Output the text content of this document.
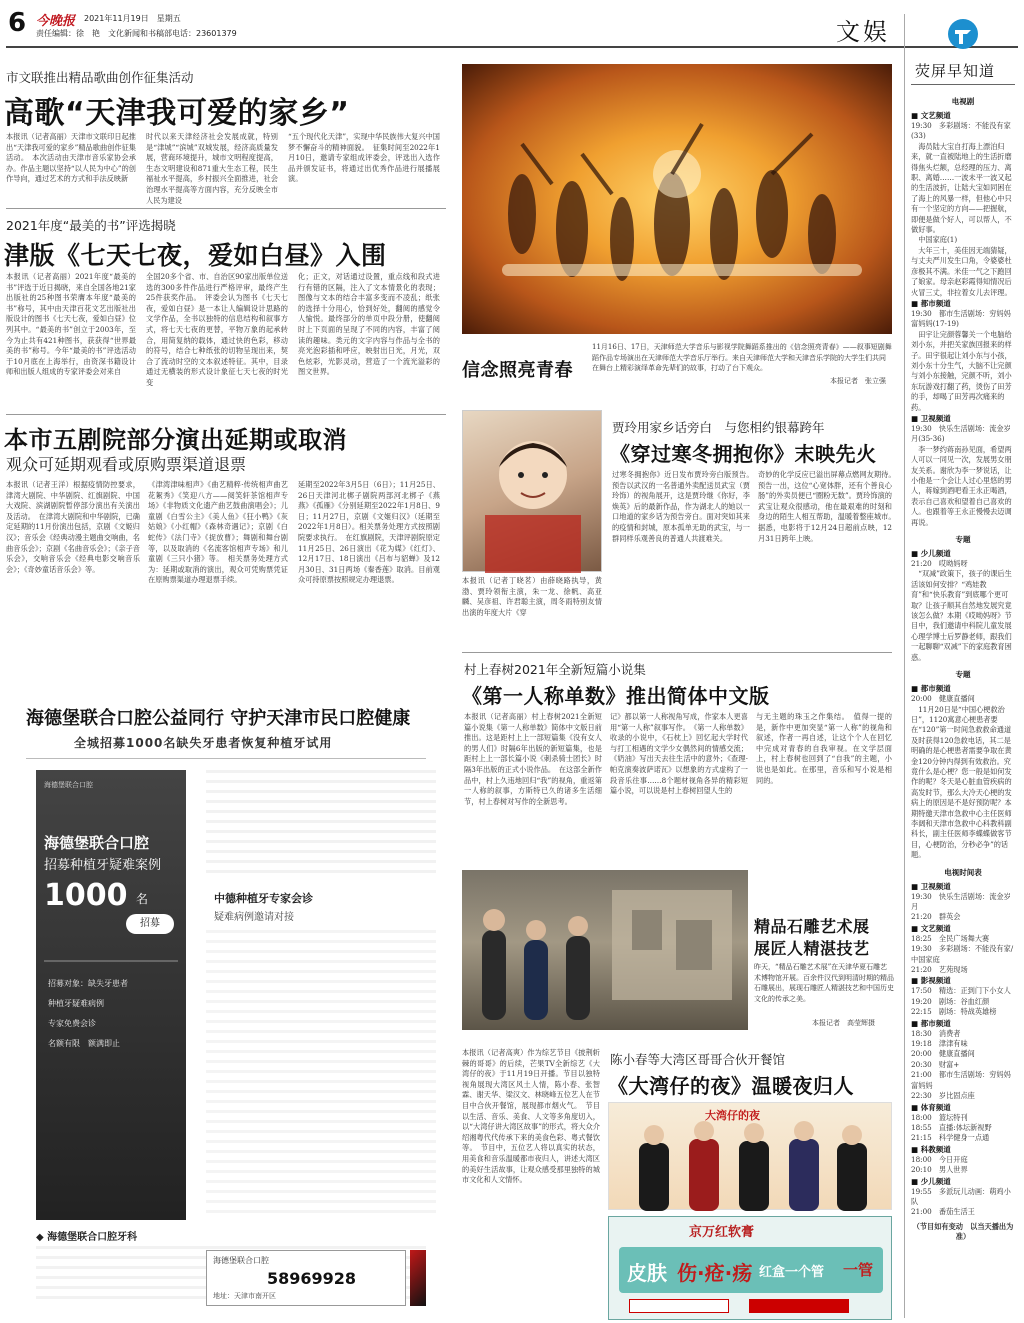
6 今晚报 2021年11月19日　星期五
责任编辑：徐　艳　文化新闻和书稿部电话：23601379	文娱
市文联推出精品歌曲创作征集活动
高歌“天津我可爱的家乡”
本报讯（记者高丽）天津市文联印日起推出“天津我可爱的家乡”精品歌曲创作征集活动。　本次活动由天津市音乐家协会承办。作品主题以坚持“以人民为中心”的创作导向，通过艺术的方式和手法反映新
时代以来天津经济社会发展成就，特别是“津城”“滨城”双城发展，经济高质量发展，营商环境提升，城市文明程度提高，生态文明建设和871重大生态工程，民生福祉水平提高，乡村振兴全面推进，社会治理水平提高等方面内容，充分反映全市人民为建设
“五个现代化天津”，实现中华民族伟大复兴中国梦不懈奋斗的精神面貌。　征集时间至2022年1月10日，邀请专家组成评委会，评选出入选作品并颁发证书，将通过出优秀作品进行展播展演。
2021年度“最美的书”评选揭晓
津版《七天七夜，爱如白昼》入围
本报讯（记者高丽）2021年度“最美的书”评选于近日揭晓，来自全国各地21家出版社的25种图书荣膺本年度“最美的书”称号，其中由天津百花文艺出版社出版设计的图书《七天七夜，爱如白昼》位列其中。“最美的书”创立于2003年，至今为止共有421种图书，获获得“世界最美的书”称号。今年“最美的书”评选活动于10月底在上海举行，由资深书籍设计师和出版人组成的专家评委会对来自
全国20多个省、市、自治区90家出版单位送选的300多件作品进行严格评审，最终产生25件获奖作品。　评委会认为图书《七天七夜，爱如白昼》是一本让人编辑设计思路的文学作品，全书以独特的信息结构和叙事方式，将七天七夜的更替，平物万象的起承转合，用简复纳的载体，通过快的色彩，移动的符号，结合七种纸张的切物呈现出来，契合了流动时空的文本叙述特征。其中，目录通过无横装的形式设计象征七天七夜的时光变
化；正文，对话通过设置，重点线和段式进行有错的区隔，注入了文本情景化的表现；图像与文本的结合丰富多变而不凌乱；纸张的选择十分用心，恰到好处，翻阅的感觉令人愉悦。最终部分的单页中段分册，使翻阅时上下页面的呈现了不同的内容，丰富了阅读的趣味。类元的文字内容与作品与全书的亮光泡彩插和呼应，映射出日光，月光，双色炫彩，光影灵动，营造了一个流光溢彩的图文世界。
本市五剧院部分演出延期或取消
观众可延期观看或原购票渠道退票
本报讯（记者王洋）根据疫情防控要求，津湾大剧院、中华剧院、红旗剧院、中国大戏院、滨湖剧院暂停部分演出有关演出及活动。　在津湾大剧院和中华剧院，已确定延期的11月份演出包括，京剧《文姬归汉》；音乐会《经典动漫主题曲交响曲，名曲音乐会》；京剧《名曲音乐会》；《亲子音乐会》，交响音乐会《经典电影交响音乐会》；《奇妙童话音乐会》等。
《津湾津味相声》《曲艺精粹·传统相声曲艺花絮秀》《笑迎八方——阅笑轩茶馆相声专场》《非物质文化遗产曲艺鼓曲演唱会》；儿童剧《白雪公主》《美人鱼》《狂小鸭》《灰姑娘》《小红帽》《森林奇遇记》；京剧《白蛇传》《法门寺》《捉放曹》；舞剧和舞台剧等，以及取消的《名流客馆相声专场》和儿童剧《三只小猪》等。　相关票务处理方式为：延期或取消的演出，观众可凭购票凭证在原购票渠道办理退票手续。
延期至2022年3月5日（6日）；11月25日、26日天津河北梆子剧院两部河北梆子《燕燕》《孤雁》《分别延期至2022年1月8日、9日；11月27日，京剧《文姬归汉》（延期至2022年1月8日）。相关票务处理方式按照剧院要求执行。　在红旗剧院，天津评剧院原定11月25日、26日演出《花为媒》《红灯》、12月17日、18日演出《吕布与貂蝉》及12月30日、31日两场《秦香莲》取消。目前观众可持原票按照规定办理退票。
信念照亮青春
11月16日、17日，天津师范大学音乐与影视学院舞蹈系推出的《信念照亮青春》——叙事短剧舞蹈作品专场演出在天津师范大学音乐厅举行。来自天津师范大学和天津音乐学院的大学生们共同在舞台上精彩演绎革命先辈们的故事，打动了台下观众。
本报记者　张立强
贾玲用家乡话旁白　与您相约银幕跨年
《穿过寒冬拥抱你》末映先火
过寒冬拥抱你》近日发布贾玲旁白版预告。　预告以武汉的一名普通外卖配送员武宝（贾玲饰）的视角展开，这是贾玲继《你好，李焕英》后的最新作品，作为湖北人的她以一口地道的家乡话为预告旁白。面对突如其来的疫情和封城，原本孤单无助的武宝，与一群同样乐观善良的普通人共渡难关。
奇妙的化学反应已溢出屏幕点燃网友期待。　预告一出，这位“心宽体胖，还有个善良心肠”的外卖员便已“圈粉无数”。贾玲饰演的武宝让观众很感动，他在最艰难的时刻和身边的陌生人相互帮助，温暖着整座城市。　据悉，电影将于12月24日超前点映，12月31日跨年上映。
本报讯（记者丁晓茗）由薛晓路执导，黄渤、贾玲领衔主演，朱一龙、徐帆、高亚麟、吴彦祖、许君聪主演，周冬雨特别友情出演的年度大片《穿
村上春树2021年全新短篇小说集
《第一人称单数》推出简体中文版
本报讯（记者高丽）村上春树2021全新短篇小说集《第一人称单数》简体中文版日前推出。这是距村上上一部短篇集《没有女人的男人们》时隔6年出版的新短篇集，也是距村上上一部长篇小说《刺杀骑士团长》时隔3年出版的正式小说作品。　在这部全新作品中，村上久违地回归“我”的视角，重返第一人称的叙事，方斯特已久的诸多生活细节，村上春树对写作的全新思考。
记》都以第一人称视角写成，作家本人更喜用“第一人称”叙事写作。　《第一人称单数》收录的小说中，《石枕上》回忆起大学时代与打工相遇的文学少女偶然间的情感交流；《奶油》写出天去往生活中的意外；《查理·帕克演奏波萨诺瓦》以想象的方式虚构了一段音乐往事……8个题材视角各异的精彩短篇小说，可以说是村上春树回望人生的
与无主题的珠玉之作集结。　值得一提的是，新作中更加突显“第一人称”的视角和叙述，作者一再自述，让这个个人在回忆中完成对青春的自我审视。在文学层面上，村上春树也回到了“自我”的主题，小说也是如此。在那里，音乐和写小说是相同的。
精品石雕艺术展
展匠人精湛技艺
昨天，“精品石雕艺术展”在天津华夏石雕艺术博物馆开展。百余件汉代到明清时期的精品石雕展出，展现石雕匠人精湛技艺和中国历史文化的传承之美。
本报记者　高莹辉摄
本报讯（记者高爽）作为综艺节目《披荆斩棘的哥哥》的后续，芒果TV全新综艺《大湾仔的夜》于11月19日开播。节目以独特视角展现大湾区风土人情，陈小春、张智霖、谢天华、梁汉文、林晓峰五位艺人在节目中合伙开餐馆，展现都市烟火气。　节目以生活、音乐、美食、人文等多角度切入，以“大湾仔讲大湾区故事”的形式，将大众介绍湘粤代代传承下来的美食色彩、粤式餐饮等。　节目中，五位艺人将以真实的状态，用美食和音乐温暖都市夜归人，讲述大湾区的美好生活故事，让观众感受那里独特的城市文化和人文情怀。
陈小春等大湾区哥哥合伙开餐馆
《大湾仔的夜》温暖夜归人
大湾仔的夜
京万红软膏
皮肤 伤·疮·疡 红盒一个管 一管
海德堡联合口腔公益同行 守护天津市民口腔健康
全城招募1000名缺失牙患者恢复种植牙试用
海德堡联合口腔
海德堡联合口腔
招募种植牙疑难案例
1000 名
招募
招募对象：缺失牙患者
种植牙疑难病例
专家免费会诊
名额有限　额满即止
中德种植牙专家会诊
疑难病例邀请对接
◆ 海德堡联合口腔牙科
海德堡联合口腔
58969928
地址：天津市南开区
荧屏早知道
电视剧
■ 文艺频道
19:30　多彩剧场：不能没有家(33)
　海员陆大宝自打海上漂泊归来，就一直被陆地上的生活折磨得焦头烂额，总经理的压力、离职、离婚……一波未平一波又起的生活波折，让陆大宝如同困在了海上的风暴一样，但他心中只有一个坚定的方向——把握航，即便是做个好人，可以帮人，不做好事。
　中国家庭(1)
　大年三十，美佳因无端猜疑，与丈夫严川发生口角，令婆婆杜彦极其不满。米佳一气之下跑回了娘家。母亲赵彩霞得知情况后火冒三丈，非拉着女儿去评理。
■ 都市频道
19:30　都市生活剧场：穷妈妈富妈妈(17-19)
　田宇让完颜蓉馨关一个电脑给刘小东，并把关家族回报来的样子。田宇很起让刘小东与小孩，刘小东十分生气，大脑不让完颜与刘小东接触，完颜不听，刘小东玩游戏打翻了药，烫伤了田芳的手，却喝了田芳再次痛来的药。
■ 卫视频道
19:30　快乐生活剧场：流金岁月(35-36)
　李一梦约蒋南孙见面，希望两人可以一同见一次，发展男女朋友关系。谢欣为李一梦说话，让小他是一个会让人过心里悠的男人，蒋嫁到酒吧看王永正喝酒，表示自己喜欢和望着自己喜欢的人。也跟着等王永正慢慢去迈调再说。
专题
■ 少儿频道
21:20　哎呦妈呀
　“双减”政策下，孩子的课后生活该如何安排？“鸡娃教育”和“快乐教育”到底哪个更可取？让孩子顺其自然地发展究竟该怎么做？本期《哎呦妈呀》节目中，我们邀请中科院儿童发展心理学博士后罗静老师，跟我们一起聊聊“双减”下的家庭教育困惑。
专题
■ 都市频道
20:00　健康直播间
　11月20日是“中国心梗救治日”，1120寓意心梗患者要在“120”第一时间急救救命通道及时获得120急救电话，其二是明确的是心梗患者需要争取在黄金120分钟内得到有效救治。究竟什么是心梗？您一般是如何发作的呢？冬天是心脏血管疾病的高发时节，那么大冷天心梗的发病上的原因是不是好预防呢？本期特邀天津市急救中心主任医师李阔和天津市急救中心科教科副科长，副主任医师李蝶蝶做客节目，心梗防治，分秒必争”的话题。
电视时间表
■ 卫视频道
19:30　快乐生活剧场：流金岁月
21:20　群英会
■ 文艺频道
18:25　全民广场舞大赛
19:30　多彩剧场：不能没有家/中国家庭
21:20　艺苑现场
■ 影视频道
17:50　精选：正到门下小女人
19:20　剧场：谷血红颜
22:15　剧场：特战英雄榜
■ 都市频道
18:30　消费者
19:18　津津有味
20:00　健康直播间
20:30　财富+
21:00　都市生活剧场：穷妈妈富妈妈
22:30　岁比固点座
■ 体育频道
18:00　篮坛特刊
18:55　直播:体坛新视野
21:15　科学健身一点通
■ 科教频道
18:00　今日开庭
20:10　男人世界
■ 少儿频道
19:55　多派玩儿动画：萌鸡小队
21:00　番茄生活王
（节目如有变动　以当天播出为准）
